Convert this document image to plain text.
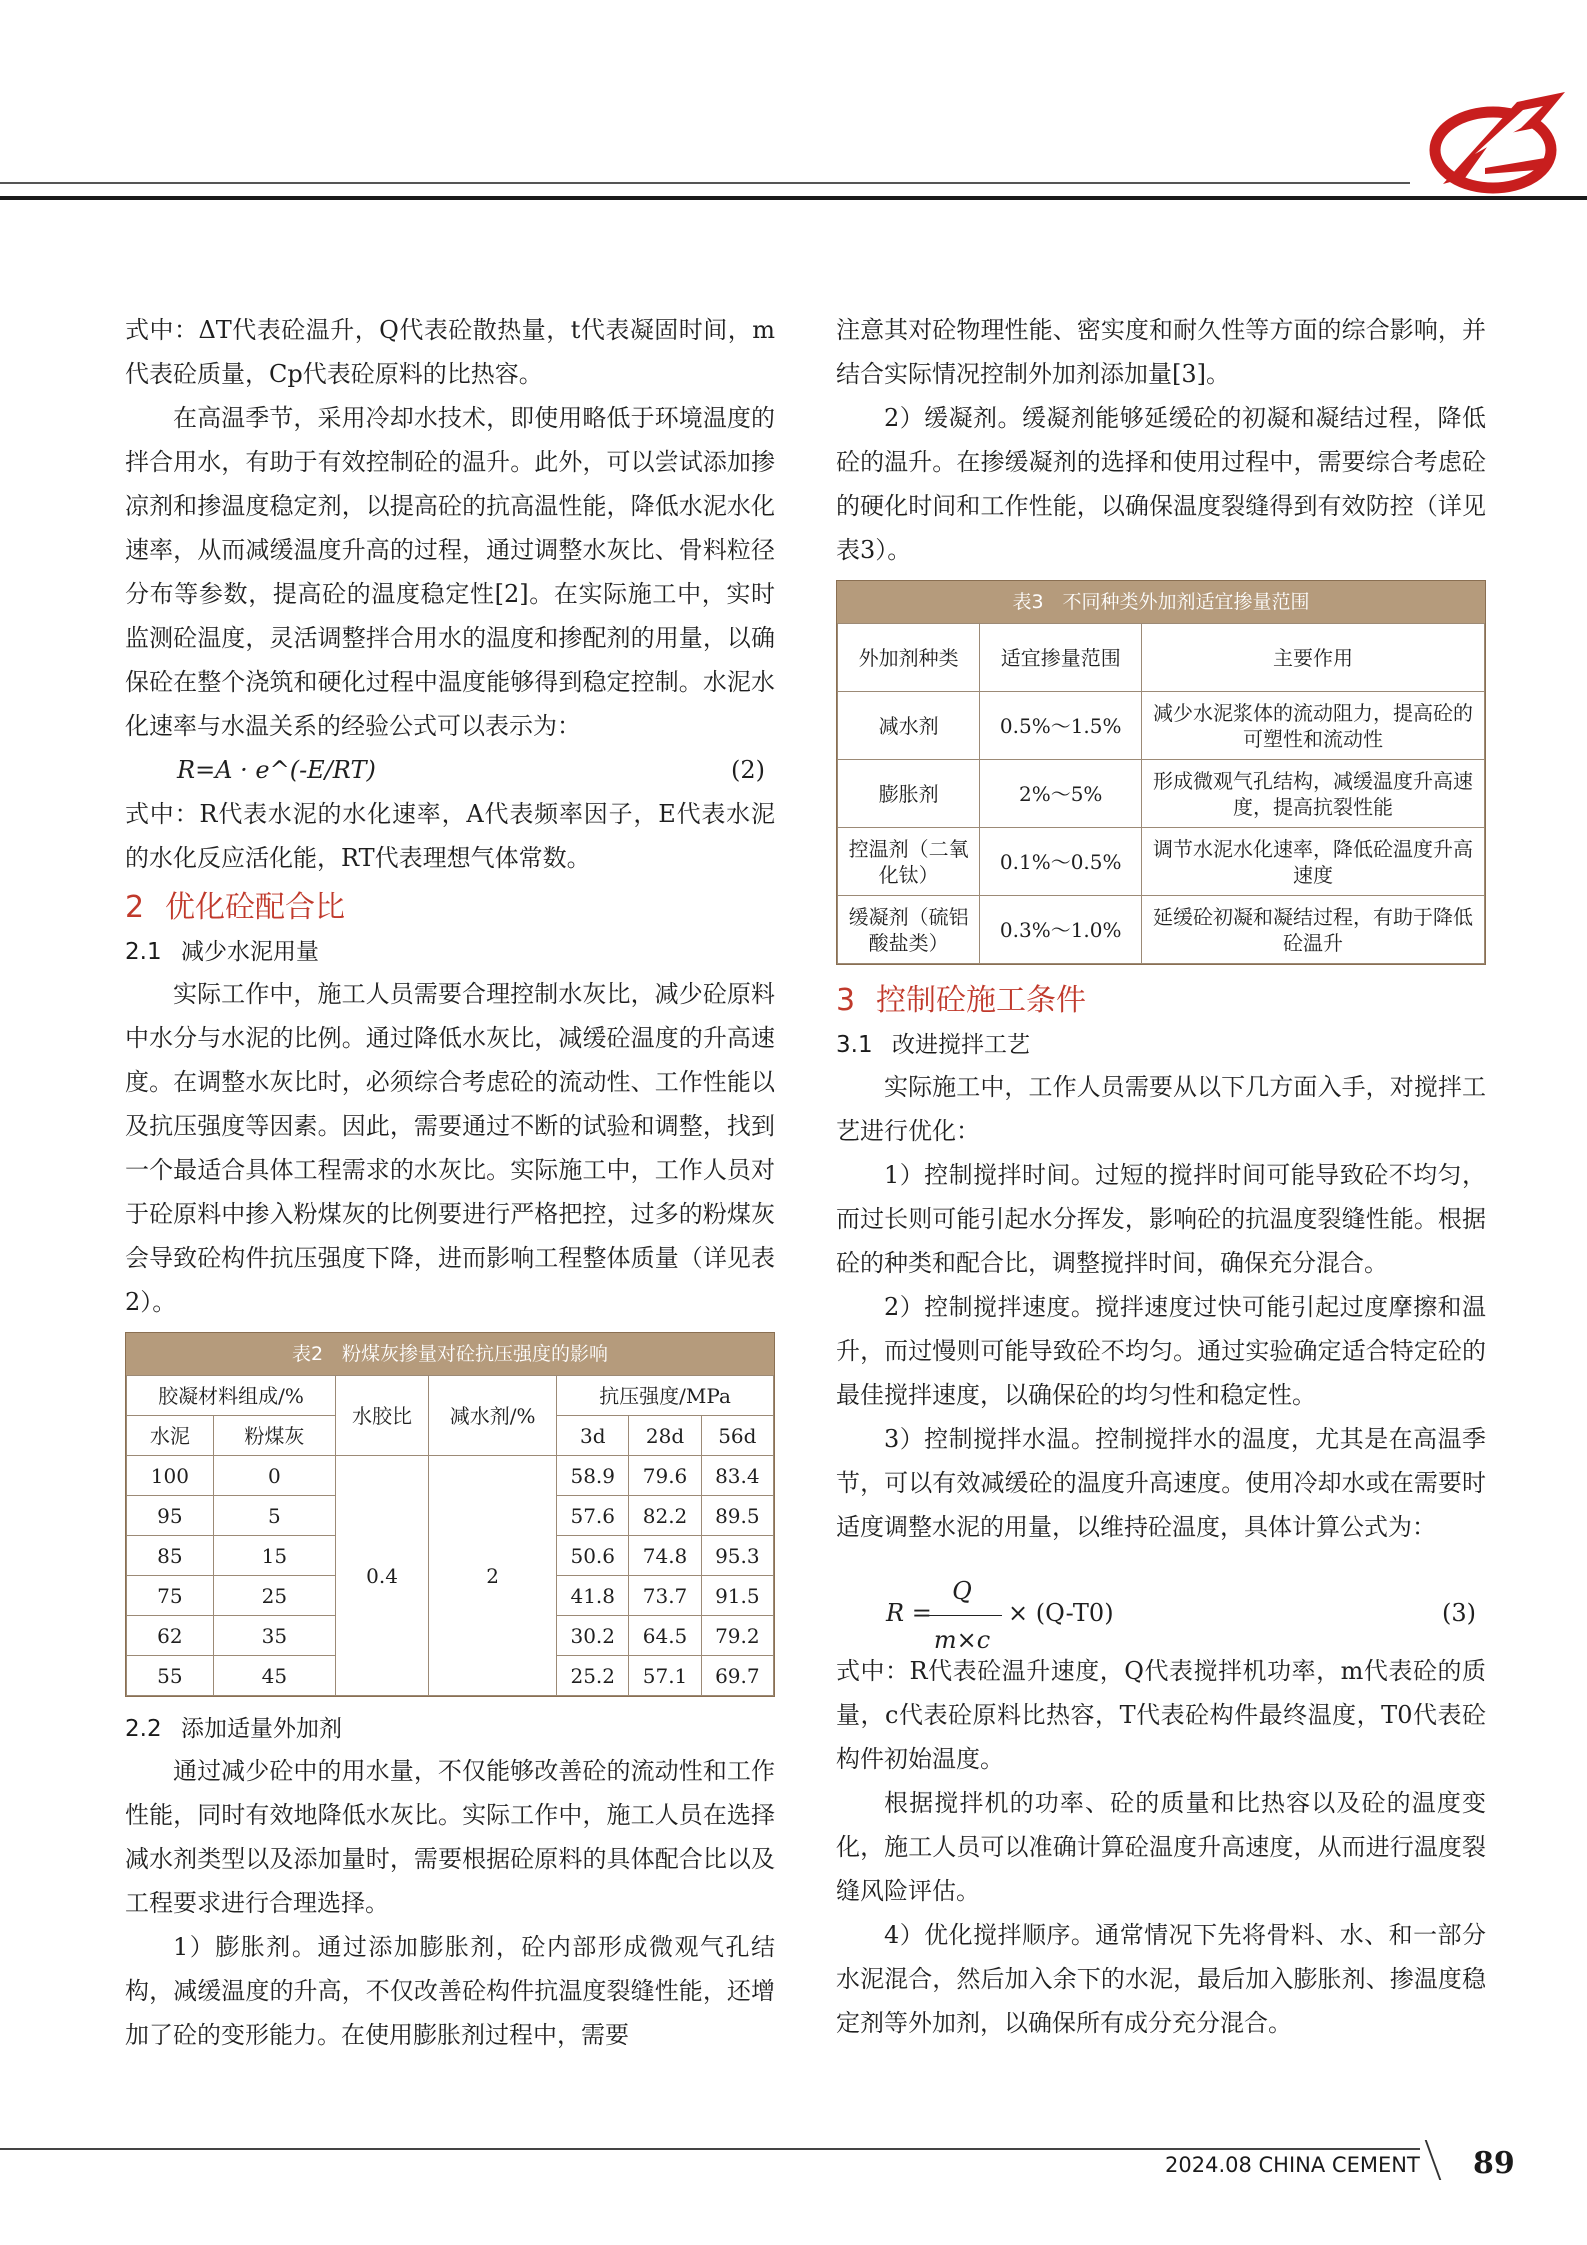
式中：ΔT代表砼温升，Q代表砼散热量，t代表凝固时间，m代表砼质量，Cp代表砼原料的比热容。

在高温季节，采用冷却水技术，即使用略低于环境温度的拌合用水，有助于有效控制砼的温升。此外，可以尝试添加掺凉剂和掺温度稳定剂，以提高砼的抗高温性能，降低水泥水化速率，从而减缓温度升高的过程，通过调整水灰比、骨料粒径分布等参数，提高砼的温度稳定性[2]。在实际施工中，实时监测砼温度，灵活调整拌合用水的温度和掺配剂的用量，以确保砼在整个浇筑和硬化过程中温度能够得到稳定控制。水泥水化速率与水温关系的经验公式可以表示为：

R=A · e^(-E/RT)	(2)

式中：R代表水泥的水化速率，A代表频率因子，E代表水泥的水化反应活化能，RT代表理想气体常数。

2 优化砼配合比
2.1 减少水泥用量

实际工作中，施工人员需要合理控制水灰比，减少砼原料中水分与水泥的比例。通过降低水灰比，减缓砼温度的升高速度。在调整水灰比时，必须综合考虑砼的流动性、工作性能以及抗压强度等因素。因此，需要通过不断的试验和调整，找到一个最适合具体工程需求的水灰比。实际施工中，工作人员对于砼原料中掺入粉煤灰的比例要进行严格把控，过多的粉煤灰会导致砼构件抗压强度下降，进而影响工程整体质量（详见表2）。

表2　粉煤灰掺量对砼抗压强度的影响
胶凝材料组成/%		水胶比	减水剂/%	抗压强度/MPa		
水泥	粉煤灰			3d	28d	56d
100	0	0.4	2	58.9	79.6	83.4
95	5			57.6	82.2	89.5
85	15			50.6	74.8	95.3
75	25			41.8	73.7	91.5
62	35			30.2	64.5	79.2
55	45			25.2	57.1	69.7
2.2 添加适量外加剂

通过减少砼中的用水量，不仅能够改善砼的流动性和工作性能，同时有效地降低水灰比。实际工作中，施工人员在选择减水剂类型以及添加量时，需要根据砼原料的具体配合比以及工程要求进行合理选择。

1）膨胀剂。通过添加膨胀剂，砼内部形成微观气孔结构，减缓温度的升高，不仅改善砼构件抗温度裂缝性能，还增加了砼的变形能力。在使用膨胀剂过程中，需要

注意其对砼物理性能、密实度和耐久性等方面的综合影响，并结合实际情况控制外加剂添加量[3]。

2）缓凝剂。缓凝剂能够延缓砼的初凝和凝结过程，降低砼的温升。在掺缓凝剂的选择和使用过程中，需要综合考虑砼的硬化时间和工作性能，以确保温度裂缝得到有效防控（详见表3）。

表3　不同种类外加剂适宜掺量范围
外加剂种类	适宜掺量范围	主要作用
减水剂	0.5%～1.5%	减少水泥浆体的流动阻力，提高砼的可塑性和流动性
膨胀剂	2%～5%	形成微观气孔结构，减缓温度升高速度，提高抗裂性能
控温剂（二氧化钛）	0.1%～0.5%	调节水泥水化速率，降低砼温度升高速度
缓凝剂（硫铝酸盐类）	0.3%～1.0%	延缓砼初凝和凝结过程，有助于降低砼温升
3 控制砼施工条件
3.1 改进搅拌工艺

实际施工中，工作人员需要从以下几方面入手，对搅拌工艺进行优化：

1）控制搅拌时间。过短的搅拌时间可能导致砼不均匀，而过长则可能引起水分挥发，影响砼的抗温度裂缝性能。根据砼的种类和配合比，调整搅拌时间，确保充分混合。

2）控制搅拌速度。搅拌速度过快可能引起过度摩擦和温升，而过慢则可能导致砼不均匀。通过实验确定适合特定砼的最佳搅拌速度，以确保砼的均匀性和稳定性。

3）控制搅拌水温。控制搅拌水的温度，尤其是在高温季节，可以有效减缓砼的温度升高速度。使用冷却水或在需要时适度调整水泥的用量，以维持砼温度，具体计算公式为：

R =
Q
m×c
× (Q-T0)	(3)

式中：R代表砼温升速度，Q代表搅拌机功率，m代表砼的质量，c代表砼原料比热容，T代表砼构件最终温度，T0代表砼构件初始温度。

根据搅拌机的功率、砼的质量和比热容以及砼的温度变化，施工人员可以准确计算砼温度升高速度，从而进行温度裂缝风险评估。

4）优化搅拌顺序。通常情况下先将骨料、水、和一部分水泥混合，然后加入余下的水泥，最后加入膨胀剂、掺温度稳定剂等外加剂，以确保所有成分充分混合。

2024.08 CHINA CEMENT 89
